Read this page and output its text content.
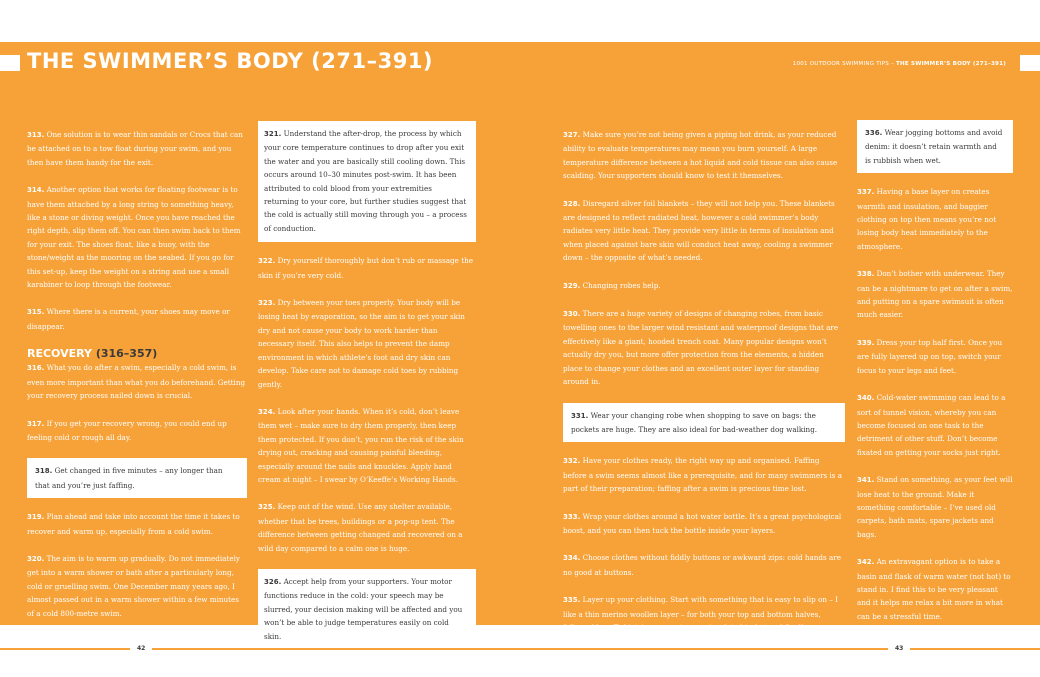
THE SWIMMER’S BODY (271–391)	1001 OUTDOOR SWIMMING TIPS – THE SWIMMER’S BODY (271–391)

313. One solution is to wear thin sandals or Crocs that can be attached on to a tow float during your swim, and you then have them handy for the exit.

314. Another option that works for floating footwear is to have them attached by a long string to something heavy, like a stone or diving weight. Once you have reached the right depth, slip them off. You can then swim back to them for your exit. The shoes float, like a buoy, with the stone/weight as the mooring on the seabed. If you go for this set-up, keep the weight on a string and use a small karabiner to loop through the footwear.

315. Where there is a current, your shoes may move or disappear.

RECOVERY (316–357)

316. What you do after a swim, especially a cold swim, is even more important than what you do beforehand. Getting your recovery process nailed down is crucial.

317. If you get your recovery wrong, you could end up feeling cold or rough all day.

318. Get changed in five minutes – any longer than that and you’re just faffing.

319. Plan ahead and take into account the time it takes to recover and warm up, especially from a cold swim.

320. The aim is to warm up gradually. Do not immediately get into a warm shower or bath after a particularly long, cold or gruelling swim. One December many years ago, I almost passed out in a warm shower within a few minutes of a cold 800-metre swim.

321. Understand the after-drop, the process by which your core temperature continues to drop after you exit the water and you are basically still cooling down. This occurs around 10–30 minutes post-swim. It has been attributed to cold blood from your extremities returning to your core, but further studies suggest that the cold is actually still moving through you – a process of conduction.

322. Dry yourself thoroughly but don’t rub or massage the skin if you’re very cold.

323. Dry between your toes properly. Your body will be losing heat by evaporation, so the aim is to get your skin dry and not cause your body to work harder than necessary itself. This also helps to prevent the damp environment in which athlete’s foot and dry skin can develop. Take care not to damage cold toes by rubbing gently.

324. Look after your hands. When it’s cold, don’t leave them wet – make sure to dry them properly, then keep them protected. If you don’t, you run the risk of the skin drying out, cracking and causing painful bleeding, especially around the nails and knuckles. Apply hand cream at night – I swear by O’Keeffe’s Working Hands.

325. Keep out of the wind. Use any shelter available, whether that be trees, buildings or a pop-up tent. The difference between getting changed and recovered on a wild day compared to a calm one is huge.

326. Accept help from your supporters. Your motor functions reduce in the cold: your speech may be slurred, your decision making will be affected and you won’t be able to judge temperatures easily on cold skin.

327. Make sure you’re not being given a piping hot drink, as your reduced ability to evaluate temperatures may mean you burn yourself. A large temperature difference between a hot liquid and cold tissue can also cause scalding. Your supporters should know to test it themselves.

328. Disregard silver foil blankets – they will not help you. These blankets are designed to reflect radiated heat, however a cold swimmer’s body radiates very little heat. They provide very little in terms of insulation and when placed against bare skin will conduct heat away, cooling a swimmer down – the opposite of what’s needed.

329. Changing robes help.

330. There are a huge variety of designs of changing robes, from basic towelling ones to the larger wind resistant and waterproof designs that are effectively like a giant, hooded trench coat. Many popular designs won’t actually dry you, but more offer protection from the elements, a hidden place to change your clothes and an excellent outer layer for standing around in.

331. Wear your changing robe when shopping to save on bags: the pockets are huge. They are also ideal for bad-weather dog walking.

332. Have your clothes ready, the right way up and organised. Faffing before a swim seems almost like a prerequisite, and for many swimmers is a part of their preparation; faffing after a swim is precious time lost.

333. Wrap your clothes around a hot water bottle. It’s a great psychological boost, and you can then tuck the bottle inside your layers.

334. Choose clothes without fiddly buttons or awkward zips: cold hands are no good at buttons.

335. Layer up your clothing. Start with something that is easy to slip on – I like a thin merino woollen layer – for both your top and bottom halves, followed by a T-shirt, jumper or two, an insulated jacket and finally a windproof outer layer. Also put on a thick hat and gloves.

336. Wear jogging bottoms and avoid denim: it doesn’t retain warmth and is rubbish when wet.

337. Having a base layer on creates warmth and insulation, and baggier clothing on top then means you’re not losing body heat immediately to the atmosphere.

338. Don’t bother with underwear. They can be a nightmare to get on after a swim, and putting on a spare swimsuit is often much easier.

339. Dress your top half first. Once you are fully layered up on top, switch your focus to your legs and feet.

340. Cold-water swimming can lead to a sort of tunnel vision, whereby you can become focused on one task to the detriment of other stuff. Don’t become fixated on getting your socks just right.

341. Stand on something, as your feet will lose heat to the ground. Make it something comfortable – I’ve used old carpets, bath mats, spare jackets and bags.

342. An extravagant option is to take a basin and flask of warm water (not hot) to stand in. I find this to be very pleasant and it helps me relax a bit more in what can be a stressful time.

42	43
